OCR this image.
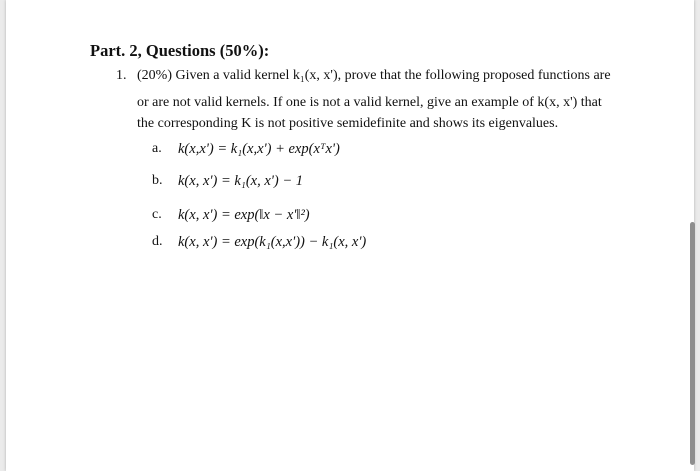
Part. 2, Questions (50%):
1. (20%) Given a valid kernel k₁(x, x'), prove that the following proposed functions are
or are not valid kernels. If one is not a valid kernel, give an example of k(x, x') that
the corresponding K is not positive semidefinite and shows its eigenvalues.
a. k(x,x') = k₁(x,x') + exp(xᵀx')
b. k(x, x') = k₁(x, x') − 1
c. k(x, x') = exp(‖x − x'‖²)
d. k(x, x') = exp(k₁(x,x')) − k₁(x, x')
